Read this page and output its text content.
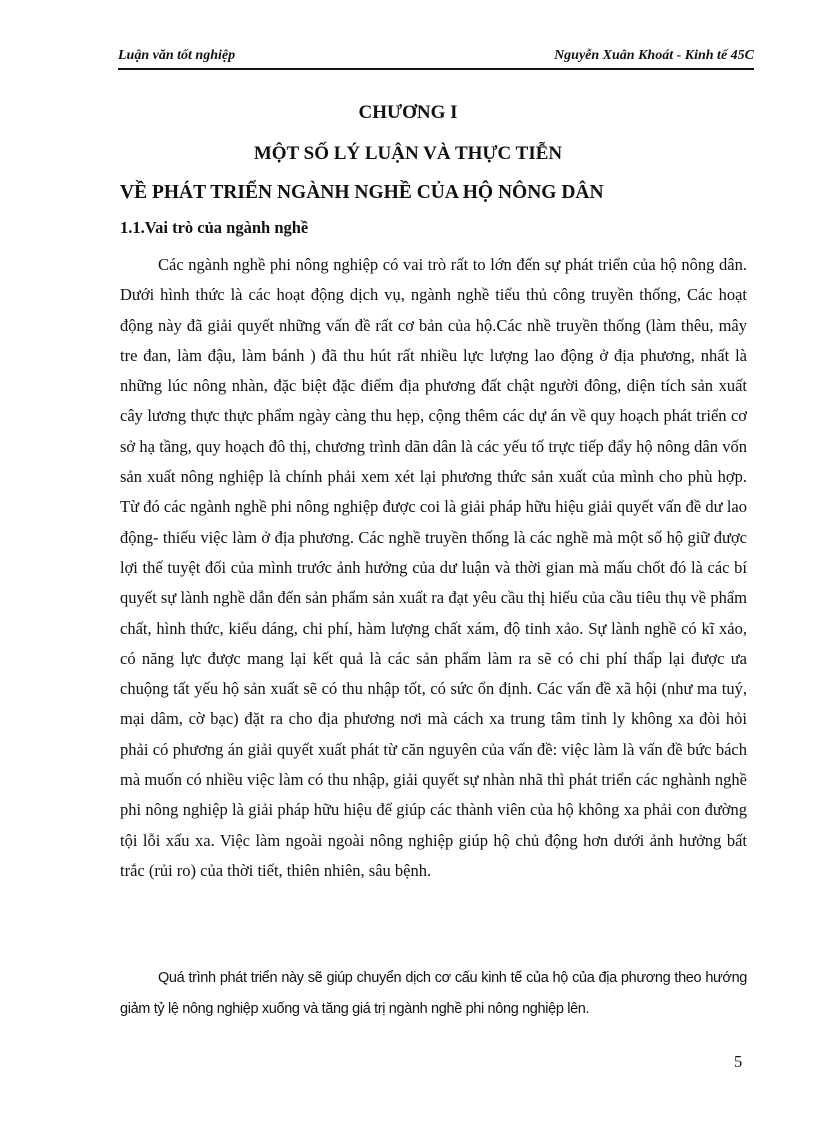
Luận văn tốt nghiệp	Nguyễn Xuân Khoát - Kinh tế 45C
CHƯƠNG I
MỘT SỐ LÝ LUẬN VÀ THỰC TIỄN
VỀ PHÁT TRIỂN NGÀNH NGHỀ CỦA HỘ NÔNG DÂN
1.1.Vai trò của ngành nghề

Các ngành nghề phi nông nghiệp có vai trò rất to lớn đến sự phát triển của hộ nông dân. Dưới hình thức là các hoạt động dịch vụ, ngành nghề tiểu thủ công truyền thống, Các hoạt động này đã giải quyết những vấn đề rất cơ bản của hộ.Các nhề truyền thống (làm thêu, mây tre đan, làm đậu, làm bánh ) đã thu hút rất nhiều lực lượng lao động ở địa phương, nhất là những lúc nông nhàn, đặc biệt đặc điểm địa phương đất chật người đông, diện tích sản xuất cây lương thực thực phẩm ngày càng thu hẹp, cộng thêm các dự án về quy hoạch phát triển cơ sở hạ tầng, quy hoạch đô thị, chương trình dãn dân là các yếu tố trực tiếp đẩy hộ nông dân vốn sản xuất nông nghiệp là chính phải xem xét lại phương thức sản xuất của mình cho phù hợp. Từ đó các ngành nghề phi nông nghiệp được coi là giải pháp hữu hiệu giải quyết vấn đề dư lao động- thiếu việc làm ở địa phương. Các nghề truyền thống là các nghề mà một số hộ giữ được lợi thế tuyệt đối của mình trước ảnh hưởng của dư luận và thời gian mà mấu chốt đó là các bí quyết sự lành nghề dẫn đến sản phẩm sản xuất ra đạt yêu cầu thị hiếu của cầu tiêu thụ về phẩm chất, hình thức, kiểu dáng, chi phí, hàm lượng chất xám, độ tinh xảo. Sự lành nghề có kĩ xảo, có năng lực được mang lại kết quả là các sản phẩm làm ra sẽ có chi phí thấp lại được ưa chuộng tất yếu hộ sản xuất sẽ có thu nhập tốt, có sức ổn định. Các vấn đề xã hội (như ma tuý, mại dâm, cờ bạc) đặt ra cho địa phương nơi mà cách xa trung tâm tỉnh ly không xa đòi hỏi phải có phương án giải quyết xuất phát từ căn nguyên của vấn đề: việc làm là vấn đề bức bách mà muốn có nhiều việc làm có thu nhập, giải quyết sự nhàn nhã thì phát triển các nghành nghề phi nông nghiệp là giải pháp hữu hiệu để giúp các thành viên của hộ không xa phải con đường tội lỗi xấu xa. Việc làm ngoài ngoài nông nghiệp giúp hộ chủ động hơn dưới ảnh hưởng bất trắc (rủi ro) của thời tiết, thiên nhiên, sâu bệnh.

Quá trình phát triển này sẽ giúp chuyển dịch cơ cấu kinh tế của hộ của địa phương theo hướng giảm tỷ lệ nông nghiệp xuống và tăng giá trị ngành nghề phi nông nghiệp lên.

5
